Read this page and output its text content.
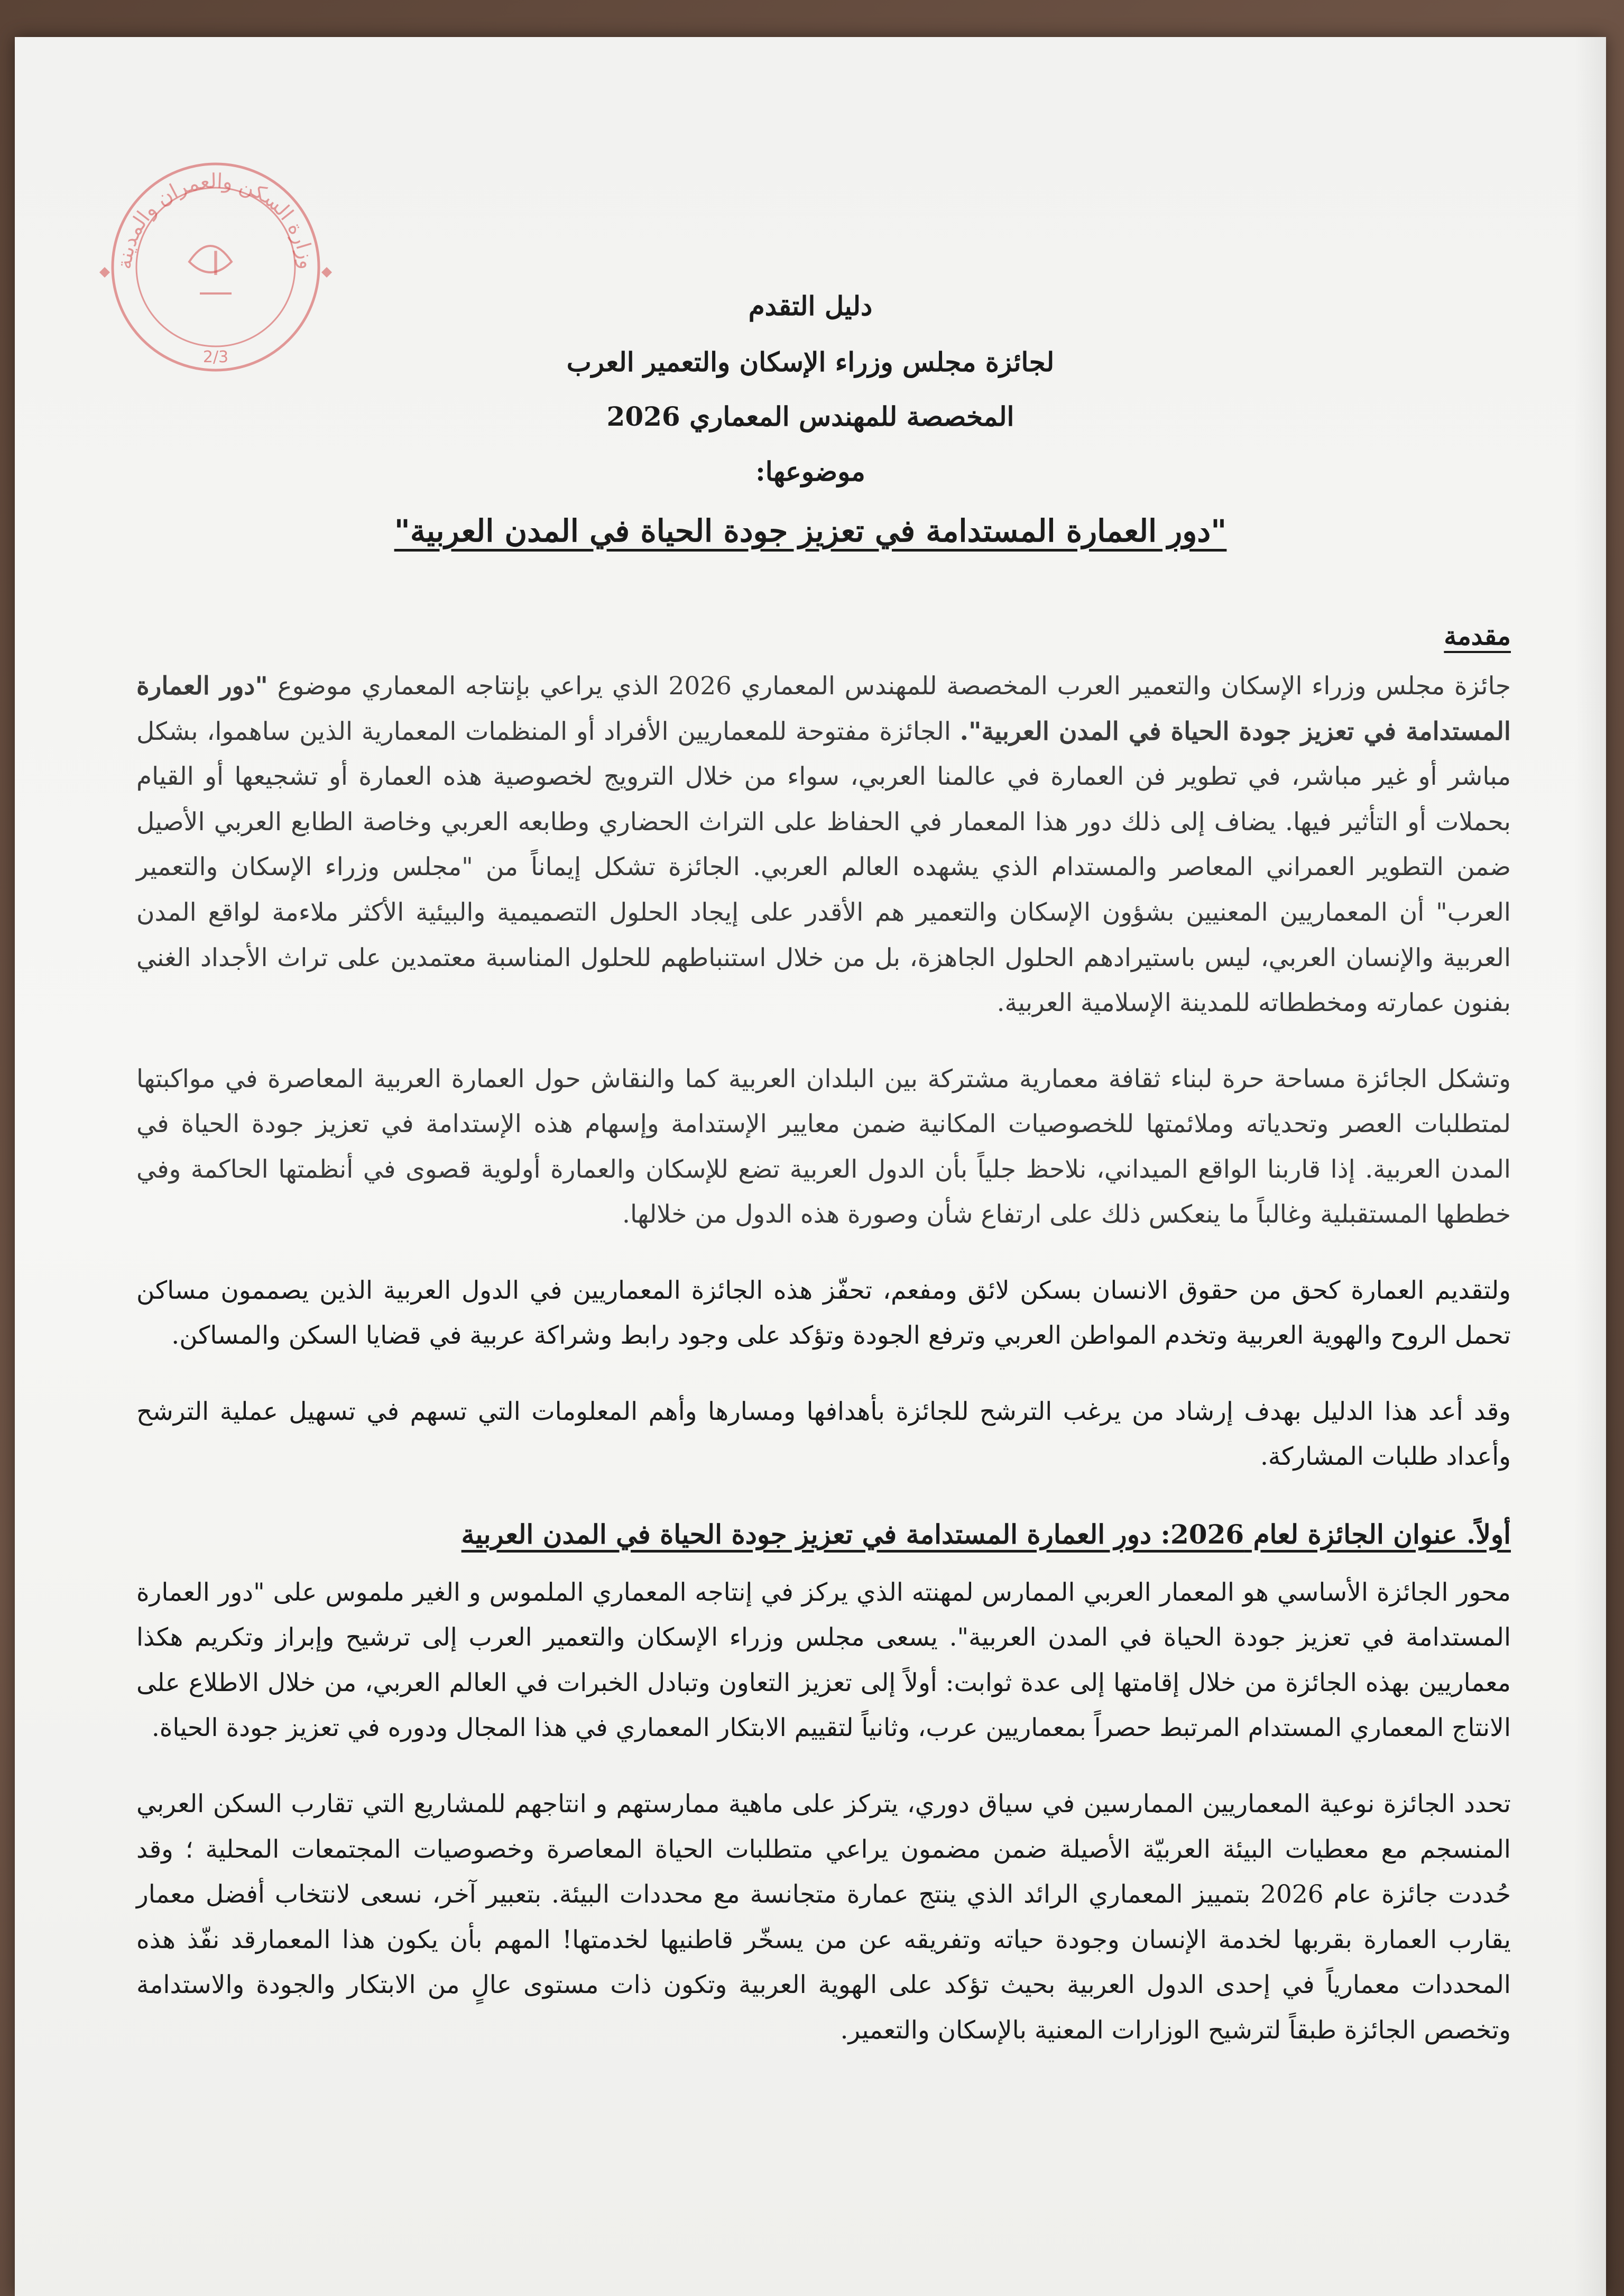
وزارة السكن والعمران والمدينة
ا
2/3

دليل التقدم

لجائزة مجلس وزراء الإسكان والتعمير العرب

المخصصة للمهندس المعماري 2026

موضوعها:

"دور العمارة المستدامة في تعزيز جودة الحياة في المدن العربية"

مقدمة

جائزة مجلس وزراء الإسكان والتعمير العرب المخصصة للمهندس المعماري 2026 الذي يراعي بإنتاجه المعماري موضوع "دور العمارة المستدامة في تعزيز جودة الحياة في المدن العربية". الجائزة مفتوحة للمعماريين الأفراد أو المنظمات المعمارية الذين ساهموا، بشكل مباشر أو غير مباشر، في تطوير فن العمارة في عالمنا العربي، سواء من خلال الترويج لخصوصية هذه العمارة أو تشجيعها أو القيام بحملات أو التأثير فيها. يضاف إلى ذلك دور هذا المعمار في الحفاظ على التراث الحضاري وطابعه العربي وخاصة الطابع العربي الأصيل ضمن التطوير العمراني المعاصر والمستدام الذي يشهده العالم العربي. الجائزة تشكل إيماناً من "مجلس وزراء الإسكان والتعمير العرب" أن المعماريين المعنيين بشؤون الإسكان والتعمير هم الأقدر على إيجاد الحلول التصميمية والبيئية الأكثر ملاءمة لواقع المدن العربية والإنسان العربي، ليس باستيرادهم الحلول الجاهزة، بل من خلال استنباطهم للحلول المناسبة معتمدين على تراث الأجداد الغني بفنون عمارته ومخططاته للمدينة الإسلامية العربية.

وتشكل الجائزة مساحة حرة لبناء ثقافة معمارية مشتركة بين البلدان العربية كما والنقاش حول العمارة العربية المعاصرة في مواكبتها لمتطلبات العصر وتحدياته وملائمتها للخصوصيات المكانية ضمن معايير الإستدامة وإسهام هذه الإستدامة في تعزيز جودة الحياة في المدن العربية. إذا قاربنا الواقع الميداني، نلاحظ جلياً بأن الدول العربية تضع للإسكان والعمارة أولوية قصوى في أنظمتها الحاكمة وفي خططها المستقبلية وغالباً ما ينعكس ذلك على ارتفاع شأن وصورة هذه الدول من خلالها.

ولتقديم العمارة كحق من حقوق الانسان بسكن لائق ومفعم، تحفّز هذه الجائزة المعماريين في الدول العربية الذين يصممون مساكن تحمل الروح والهوية العربية وتخدم المواطن العربي وترفع الجودة وتؤكد على وجود رابط وشراكة عربية في قضايا السكن والمساكن.

وقد أعد هذا الدليل بهدف إرشاد من يرغب الترشح للجائزة بأهدافها ومسارها وأهم المعلومات التي تسهم في تسهيل عملية الترشح وأعداد طلبات المشاركة.

أولاً. عنوان الجائزة لعام 2026: دور العمارة المستدامة في تعزيز جودة الحياة في المدن العربية

محور الجائزة الأساسي هو المعمار العربي الممارس لمهنته الذي يركز في إنتاجه المعماري الملموس و الغير ملموس على "دور العمارة المستدامة في تعزيز جودة الحياة في المدن العربية". يسعى مجلس وزراء الإسكان والتعمير العرب إلى ترشيح وإبراز وتكريم هكذا معماريين بهذه الجائزة من خلال إقامتها إلى عدة ثوابت: أولاً إلى تعزيز التعاون وتبادل الخبرات في العالم العربي، من خلال الاطلاع على الانتاج المعماري المستدام المرتبط حصراً بمعماريين عرب، وثانياً لتقييم الابتكار المعماري في هذا المجال ودوره في تعزيز جودة الحياة.

تحدد الجائزة نوعية المعماريين الممارسين في سياق دوري، يتركز على ماهية ممارستهم و انتاجهم للمشاريع التي تقارب السكن العربي المنسجم مع معطيات البيئة العربيّة الأصيلة ضمن مضمون يراعي متطلبات الحياة المعاصرة وخصوصيات المجتمعات المحلية ؛ وقد حُددت جائزة عام 2026 بتمييز المعماري الرائد الذي ينتج عمارة متجانسة مع محددات البيئة. بتعبير آخر، نسعى لانتخاب أفضل معمار يقارب العمارة بقربها لخدمة الإنسان وجودة حياته وتفريقه عن من يسخّر قاطنيها لخدمتها! المهم بأن يكون هذا المعمارقد نفّذ هذه المحددات معمارياً في إحدى الدول العربية بحيث تؤكد على الهوية العربية وتكون ذات مستوى عالٍ من الابتكار والجودة والاستدامة وتخصص الجائزة طبقاً لترشيح الوزارات المعنية بالإسكان والتعمير.
